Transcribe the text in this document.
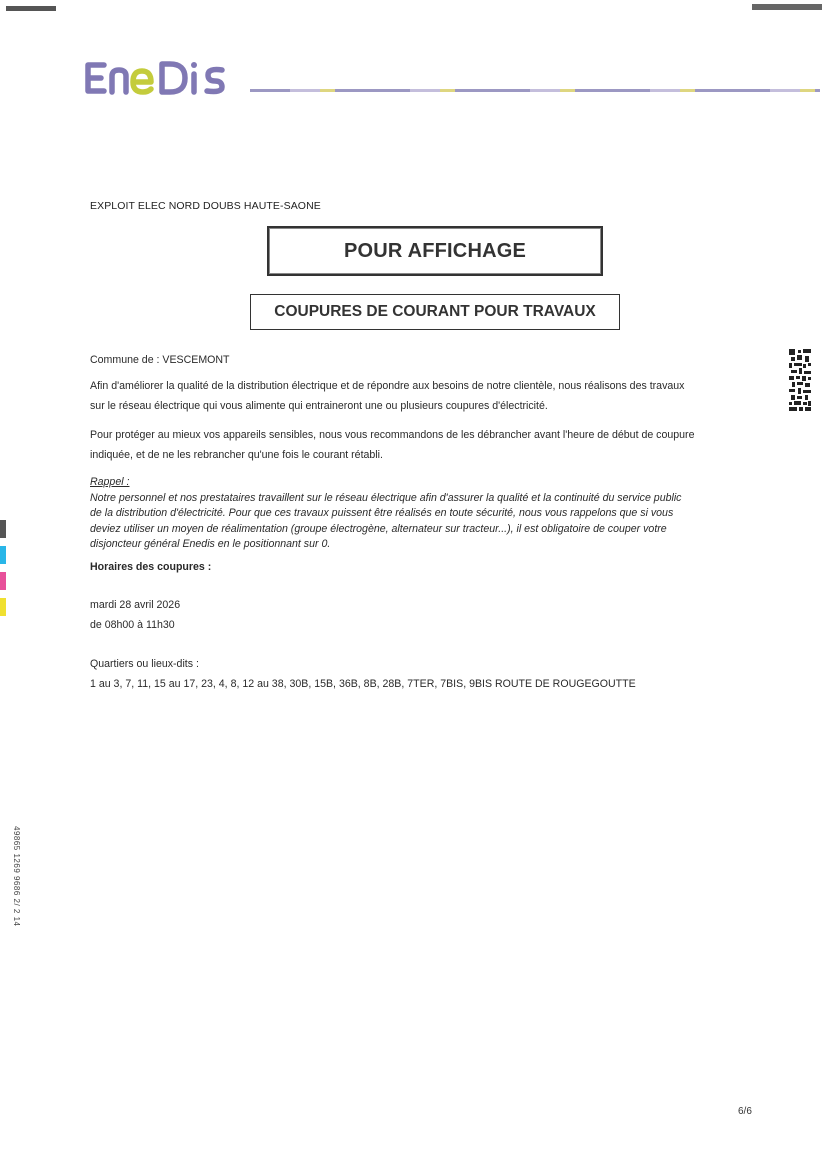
EXPLOIT ELEC NORD DOUBS HAUTE-SAONE
POUR AFFICHAGE
COUPURES DE COURANT POUR TRAVAUX
Commune de : VESCEMONT
Afin d'améliorer la qualité de la distribution électrique et de répondre aux besoins de notre clientèle, nous réalisons des travaux
sur le réseau électrique qui vous alimente qui entraineront une ou plusieurs coupures d'électricité.
Pour protéger au mieux vos appareils sensibles, nous vous recommandons de les débrancher avant l'heure de début de coupure
indiquée, et de ne les rebrancher qu'une fois le courant rétabli.
Rappel :
Notre personnel et nos prestataires travaillent sur le réseau électrique afin d'assurer la qualité et la continuité du service public
de la distribution d'électricité. Pour que ces travaux puissent être réalisés en toute sécurité, nous vous rappelons que si vous
deviez utiliser un moyen de réalimentation (groupe électrogène, alternateur sur tracteur...), il est obligatoire de couper votre
disjoncteur général Enedis en le positionnant sur 0.
Horaires des coupures :
mardi 28 avril 2026
de 08h00 à 11h30
Quartiers ou lieux-dits :
1 au 3, 7, 11, 15 au 17, 23, 4, 8, 12 au 38, 30B, 15B, 36B, 8B, 28B, 7TER, 7BIS, 9BIS ROUTE DE ROUGEGOUTTE
49865 1269 9686 2/ 2 14
6/6
